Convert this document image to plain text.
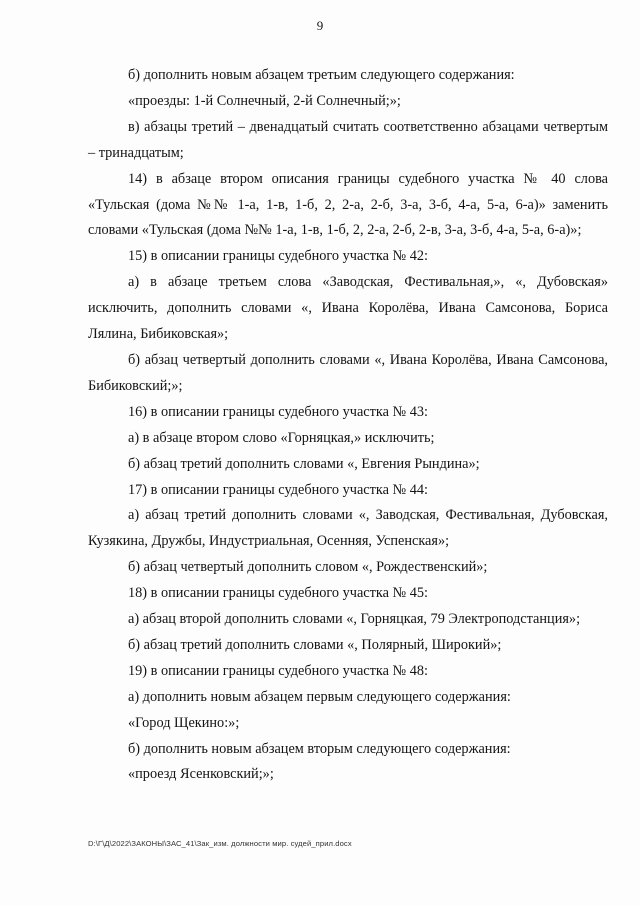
9

б) дополнить новым абзацем третьим следующего содержания:

«проезды: 1-й Солнечный, 2-й Солнечный;»;

в) абзацы третий – двенадцатый считать соответственно абзацами четвертым – тринадцатым;

14) в абзаце втором описания границы судебного участка № 40 слова «Тульская (дома №№ 1-а, 1-в, 1-б, 2, 2-а, 2-б, 3-а, 3-б, 4-а, 5-а, 6-а)» заменить словами «Тульская (дома №№ 1-а, 1-в, 1-б, 2, 2-а, 2-б, 2-в, 3-а, 3-б, 4-а, 5-а, 6-а)»;

15) в описании границы судебного участка № 42:

а) в абзаце третьем слова «Заводская, Фестивальная,», «, Дубовская» исключить, дополнить словами «, Ивана Королёва, Ивана Самсонова, Бориса Лялина, Бибиковская»;

б) абзац четвертый дополнить словами «, Ивана Королёва, Ивана Самсонова, Бибиковский;»;

16) в описании границы судебного участка № 43:

а) в абзаце втором слово «Горняцкая,» исключить;

б) абзац третий дополнить словами «, Евгения Рындина»;

17) в описании границы судебного участка № 44:

а) абзац третий дополнить словами «, Заводская, Фестивальная, Дубовская, Кузякина, Дружбы, Индустриальная, Осенняя, Успенская»;

б) абзац четвертый дополнить словом «, Рождественский»;

18) в описании границы судебного участка № 45:

а) абзац второй дополнить словами «, Горняцкая, 79 Электроподстанция»;

б) абзац третий дополнить словами «, Полярный, Широкий»;

19) в описании границы судебного участка № 48:

а) дополнить новым абзацем первым следующего содержания:

«Город Щекино:»;

б) дополнить новым абзацем вторым следующего содержания:

«проезд Ясенковский;»;

D:\Г\Д\2022\ЗАКОНЫ\ЗАС_41\Зак_изм. должности мир. судей_прил.docx
